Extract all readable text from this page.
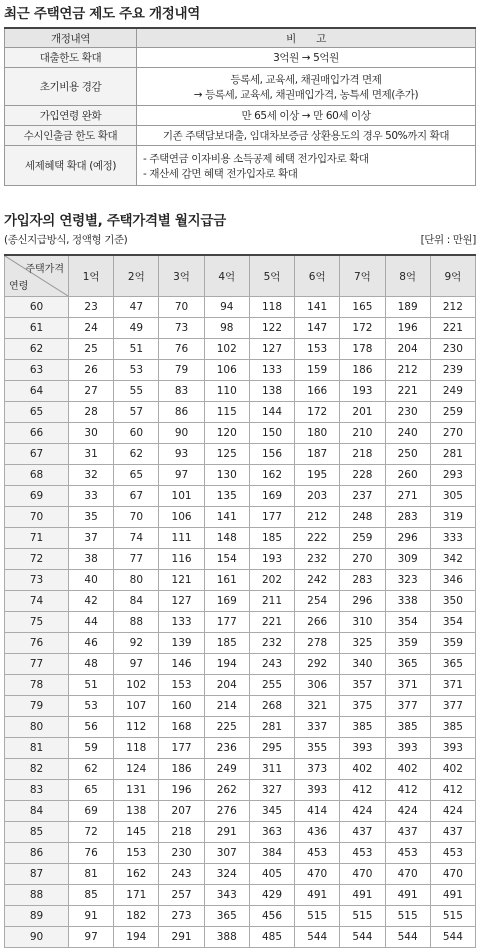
최근 주택연금 제도 주요 개정내역
개정내역	비　　고
대출한도 확대	3억원 → 5억원

초기비용 경감	등록세, 교육세, 채권매입가격 면제
→ 등록세, 교육세, 채권매입가격, 농특세 면제(추가)

가입연령 완화	만 65세 이상 → 만 60세 이상

수시인출금 한도 확대	기존 주택담보대출, 임대차보증금 상환용도의 경우 50%까지 확대

세제혜택 확대 (예정)	- 주택연금 이자비용 소득공제 혜택 전가입자로 확대
- 재산세 감면 혜택 전가입자로 확대
가입자의 연령별, 주택가격별 월지급금
(종신지급방식, 정액형 기준)	[단위 : 만원]
주택가격
연령	1억	2억	3억	4억	5억	6억	7억	8억	9억
60	23	47	70	94	118	141	165	189	212
61	24	49	73	98	122	147	172	196	221
62	25	51	76	102	127	153	178	204	230
63	26	53	79	106	133	159	186	212	239
64	27	55	83	110	138	166	193	221	249
65	28	57	86	115	144	172	201	230	259
66	30	60	90	120	150	180	210	240	270
67	31	62	93	125	156	187	218	250	281
68	32	65	97	130	162	195	228	260	293
69	33	67	101	135	169	203	237	271	305
70	35	70	106	141	177	212	248	283	319
71	37	74	111	148	185	222	259	296	333
72	38	77	116	154	193	232	270	309	342
73	40	80	121	161	202	242	283	323	346
74	42	84	127	169	211	254	296	338	350
75	44	88	133	177	221	266	310	354	354
76	46	92	139	185	232	278	325	359	359
77	48	97	146	194	243	292	340	365	365
78	51	102	153	204	255	306	357	371	371
79	53	107	160	214	268	321	375	377	377
80	56	112	168	225	281	337	385	385	385
81	59	118	177	236	295	355	393	393	393
82	62	124	186	249	311	373	402	402	402
83	65	131	196	262	327	393	412	412	412
84	69	138	207	276	345	414	424	424	424
85	72	145	218	291	363	436	437	437	437
86	76	153	230	307	384	453	453	453	453
87	81	162	243	324	405	470	470	470	470
88	85	171	257	343	429	491	491	491	491
89	91	182	273	365	456	515	515	515	515
90	97	194	291	388	485	544	544	544	544
